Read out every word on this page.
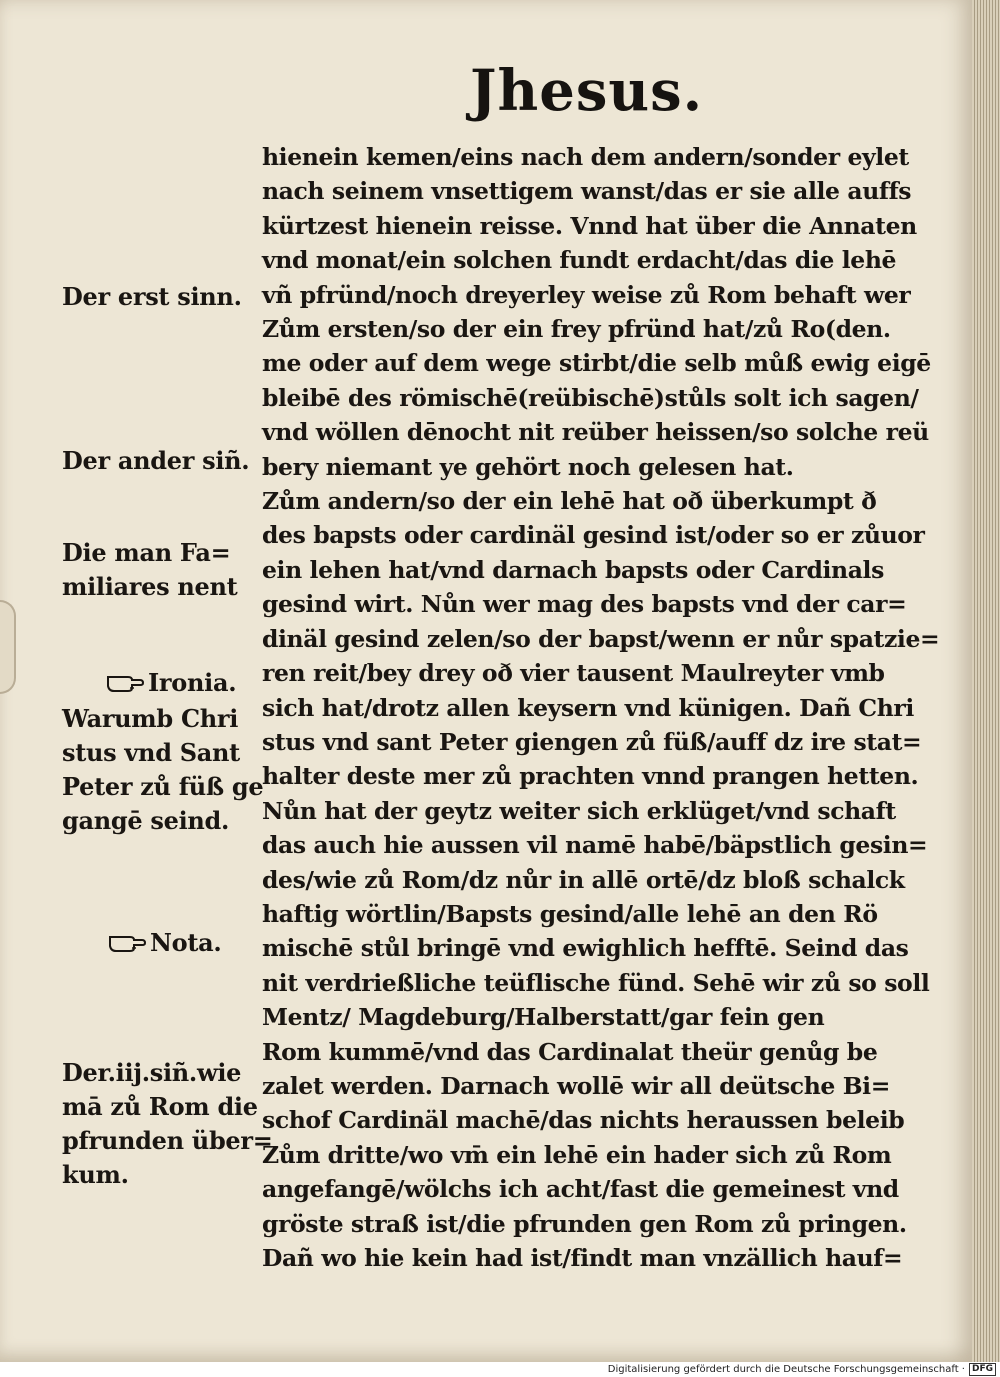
Jhesus.
hienein kemen/eins nach dem andern/sonder eylet
nach seinem vnsettigem wanst/das er sie alle auffs
kürtzest hienein reisse. Vnnd hat über die Annaten
vnd monat/ein solchen fundt erdacht/das die lehē
vñ pfründ/noch dreyerley weise zů Rom behaft wer
Zům ersten/so der ein frey pfründ hat/zů Ro(den.
me oder auf dem wege stirbt/die selb můß ewig eigē
bleibē des römischē(reübischē)stůls solt ich sagen/
vnd wöllen dēnocht nit reüber heissen/so solche reü
bery niemant ye gehört noch gelesen hat.
Zům andern/so der ein lehē hat oð überkumpt ð
des bapsts oder cardinäl gesind ist/oder so er zůuor
ein lehen hat/vnd darnach bapsts oder Cardinals
gesind wirt. Nůn wer mag des bapsts vnd der car=
dinäl gesind zelen/so der bapst/wenn er nůr spatzie=
ren reit/bey drey oð vier tausent Maulreyter vmb
sich hat/drotz allen keysern vnd künigen. Dañ Chri
stus vnd sant Peter giengen zů füß/auff dz ire stat=
halter deste mer zů prachten vnnd prangen hetten.
Nůn hat der geytz weiter sich erklüget/vnd schaft
das auch hie aussen vil namē habē/bäpstlich gesin=
des/wie zů Rom/dz nůr in allē ortē/dz bloß schalck
haftig wörtlin/Bapsts gesind/alle lehē an den Rö
mischē stůl bringē vnd ewighlich hefftē. Seind das
nit verdrießliche teüflische fünd. Sehē wir zů so soll
Mentz/ Magdeburg/Halberstatt/gar fein gen
Rom kummē/vnd das Cardinalat theür genůg be
zalet werden. Darnach wollē wir all deütsche Bi=
schof Cardinäl machē/das nichts heraussen beleib
Zům dritte/wo vm̄ ein lehē ein hader sich zů Rom
angefangē/wölchs ich acht/fast die gemeinest vnd
gröste straß ist/die pfrunden gen Rom zů pringen.
Dañ wo hie kein had ist/findt man vnzällich hauf=
Der erst sinn.
Der ander siñ.
Die man Fa=
miliares nent
Ironia.
Warumb Chri
stus vnd Sant
Peter zů füß ge
gangē seind.
Nota.
Der.iij.siñ.wie
mā zů Rom die
pfrunden über=
kum.
Digitalisierung gefördert durch die Deutsche Forschungsgemeinschaft · DFG
